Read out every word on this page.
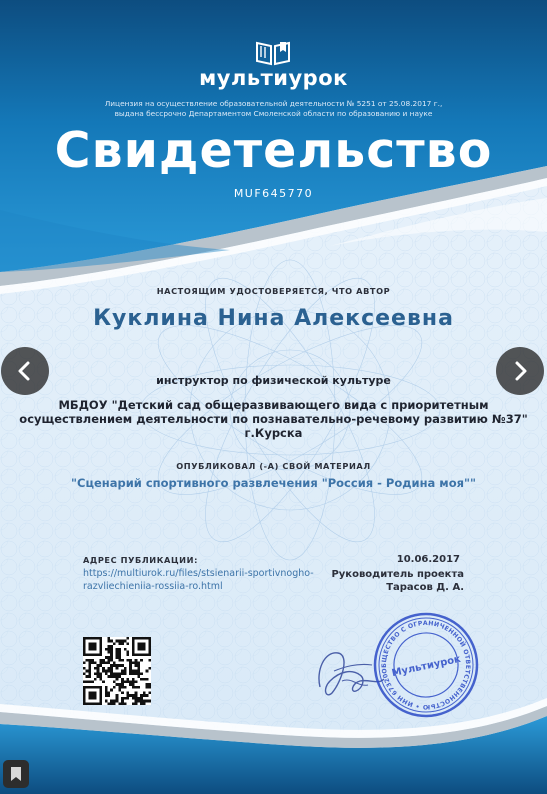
мультиурок
Лицензия на осуществление образовательной деятельности № 5251 от 25.08.2017 г.,
выдана бессрочно Департаментом Смоленской области по образованию и науке
Свидетельство
MUF645770
НАСТОЯЩИМ УДОСТОВЕРЯЕТСЯ, ЧТО АВТОР
Куклина Нина Алексеевна
инструктор по физической культуре
МБДОУ "Детский сад общеразвивающего вида с приоритетным
осуществлением деятельности по познавательно-речевому развитию №37"
г.Курска
ОПУБЛИКОВАЛ (-А) СВОЙ МАТЕРИАЛ
"Сценарий спортивного развлечения "Россия - Родина моя""
АДРЕС ПУБЛИКАЦИИ:
https://multiurok.ru/files/stsienarii-sportivnogho-
razvliechieniia-rossiia-ro.html
10.06.2017
Руководитель проекта
Тарасов Д. А.
ОБЩЕСТВО С ОГРАНИЧЕННОЙ ОТВЕТСТВЕННОСТЬЮ • ИНН 6732047084
Мультиурок
